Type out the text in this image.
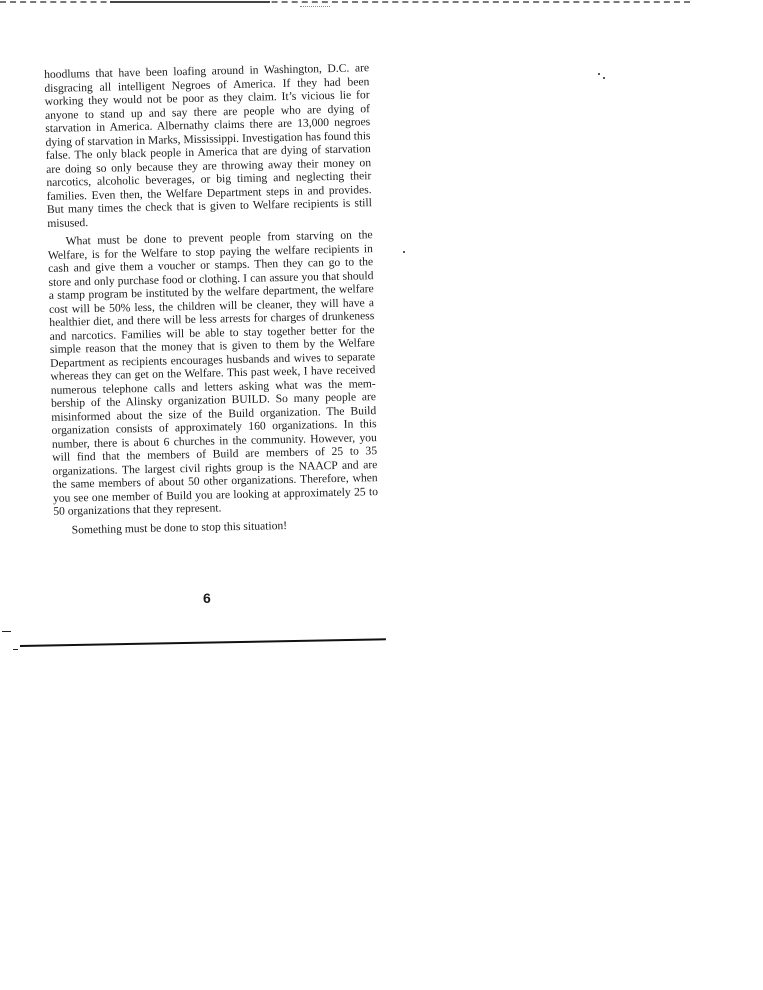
hoodlums that have been loafing around in Washington, D.C. are disgracing all intelligent Negroes of America. If they had been working they would not be poor as they claim. It’s vicious lie for anyone to stand up and say there are people who are dying of starvation in America. Albernathy claims there are 13,000 negroes dying of starvation in Marks, Mississippi. Investigation has found this false. The only black people in America that are dying of starvation are doing so only because they are throwing away their money on narcotics, alcoholic beverages, or big timing and neglecting their families. Even then, the Welfare Department steps in and provides. But many times the check that is given to Welfare recipients is still misused.

What must be done to prevent people from starving on the Welfare, is for the Welfare to stop paying the welfare recipients in cash and give them a voucher or stamps. Then they can go to the store and only purchase food or clothing. I can assure you that should a stamp program be instituted by the welfare department, the welfare cost will be 50% less, the children will be cleaner, they will have a healthier diet, and there will be less arrests for charges of drunkeness and narcotics. Families will be able to stay together better for the simple reason that the money that is given to them by the Welfare Department as recipients encourages husbands and wives to separate whereas they can get on the Welfare. This past week, I have received numerous telephone calls and letters asking what was the membership of the Alinsky organization BUILD. So many people are misinformed about the size of the Build organization. The Build organization consists of approximately 160 organizations. In this number, there is about 6 churches in the community. However, you will find that the members of Build are members of 25 to 35 organizations. The largest civil rights group is the NAACP and are the same members of about 50 other organizations. Therefore, when you see one member of Build you are looking at approximately 25 to 50 organizations that they represent.

Something must be done to stop this situation!

6
